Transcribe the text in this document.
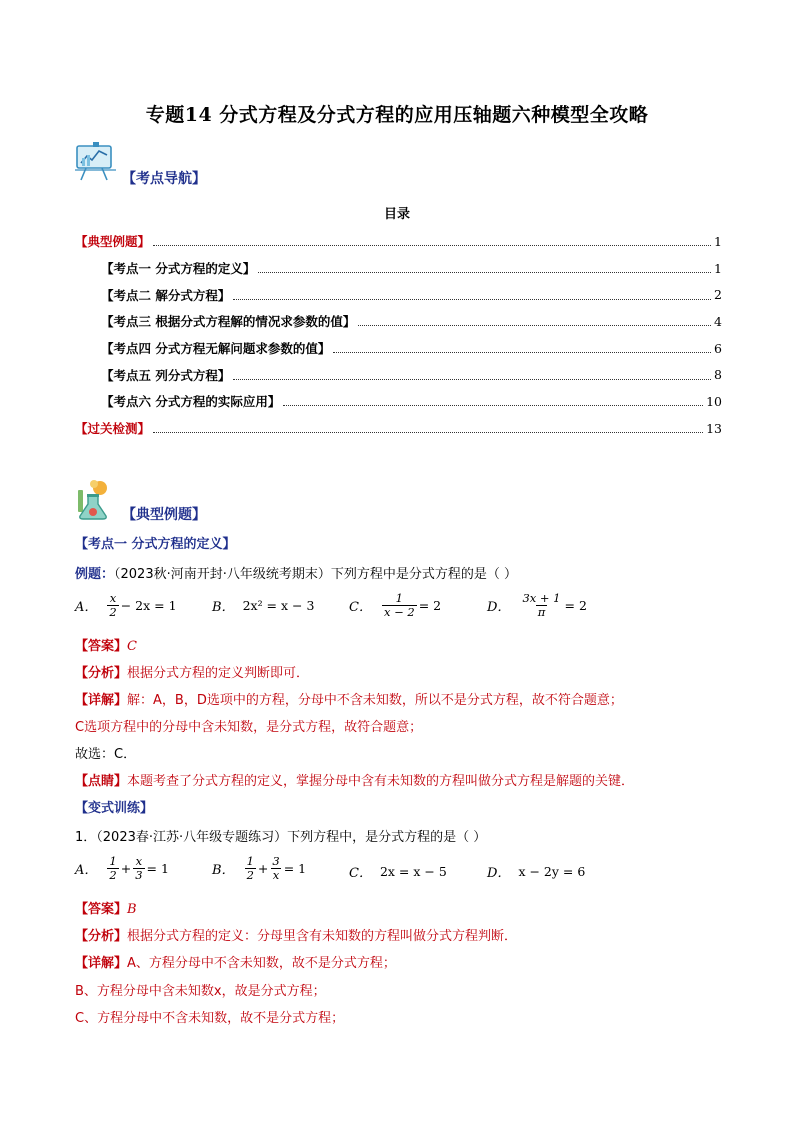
专题14 分式方程及分式方程的应用压轴题六种模型全攻略
【考点导航】
目录
【典型例题】	1
【考点一 分式方程的定义】	1
【考点二 解分式方程】	2
【考点三 根据分式方程解的情况求参数的值】	4
【考点四 分式方程无解问题求参数的值】	6
【考点五 列分式方程】	8
【考点六 分式方程的实际应用】	10
【过关检测】	13
【典型例题】
【考点一 分式方程的定义】
例题：（2023秋·河南开封·八年级统考期末）下列方程中是分式方程的是（ ）
A． $\frac{x}{2} - 2x = 1$	B． 2x² = x − 3	C． $\frac{1}{x - 2} = 2$	D． $\frac{3x + 1}{\pi} = 2$
【答案】C
【分析】根据分式方程的定义判断即可．
【详解】解：A，B，D选项中的方程，分母中不含未知数，所以不是分式方程，故不符合题意；
C选项方程中的分母中含未知数，是分式方程，故符合题意；
故选：C．
【点睛】本题考查了分式方程的定义，掌握分母中含有未知数的方程叫做分式方程是解题的关键．
【变式训练】
1．（2023春·江苏·八年级专题练习）下列方程中，是分式方程的是（ ）
A． $\frac{1}{2} + \frac{x}{3} = 1$	B． $\frac{1}{2} + \frac{3}{x} = 1$	C． 2x = x − 5	D． x − 2y = 6
【答案】B
【分析】根据分式方程的定义：分母里含有未知数的方程叫做分式方程判断．
【详解】A、方程分母中不含未知数，故不是分式方程；
B、方程分母中含未知数x，故是分式方程；
C、方程分母中不含未知数，故不是分式方程；
